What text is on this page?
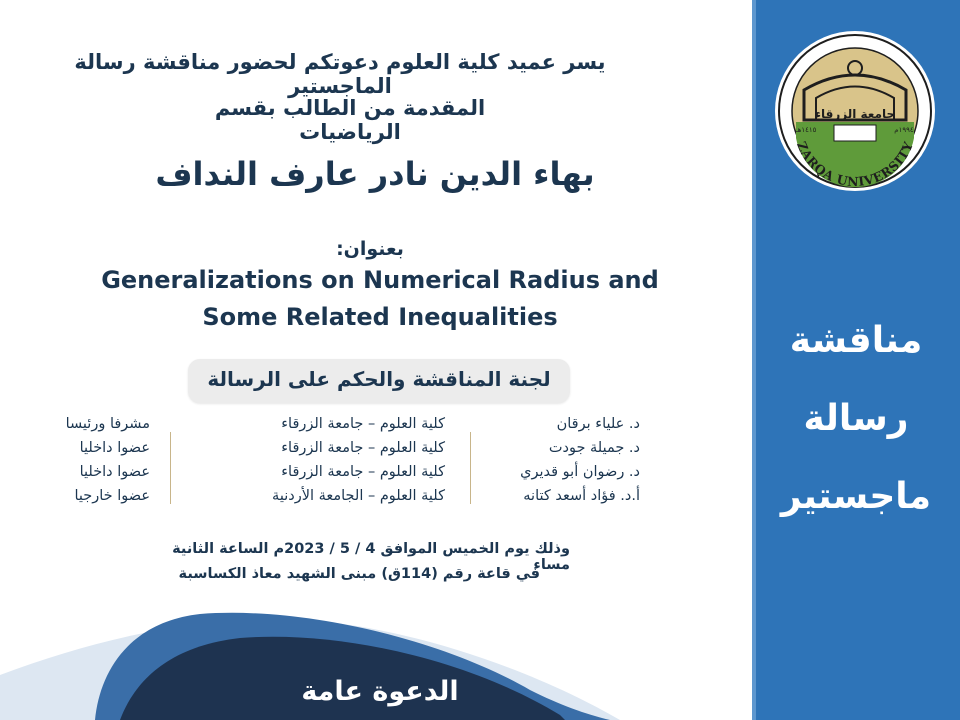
يسر عميد كلية العلوم دعوتكم لحضور مناقشة رسالة الماجستير
المقدمة من الطالب بقسم الرياضيات
بهاء الدين نادر عارف النداف
بعنوان:
Generalizations on Numerical Radius and
Some Related Inequalities
لجنة المناقشة والحكم على الرسالة
د. علياء برقان
د. جميلة جودت
د. رضوان أبو قديري
أ.د. فؤاد أسعد كتانه
كلية العلوم – جامعة الزرقاء
كلية العلوم – جامعة الزرقاء
كلية العلوم – جامعة الزرقاء
كلية العلوم – الجامعة الأردنية
مشرفا ورئيسا
عضوا داخليا
عضوا داخليا
عضوا خارجيا
وذلك يوم الخميس الموافق 4 / 5 / 2023م الساعة الثانية مساء
في قاعة رقم (114ق) مبنى الشهيد معاذ الكساسبة
الدعوة عامة
جامعة الزرقاء
١٤١٥هـ	١٩٩٤م
ZARQA UNIVERSITY
مناقشة
رسالة
ماجستير
